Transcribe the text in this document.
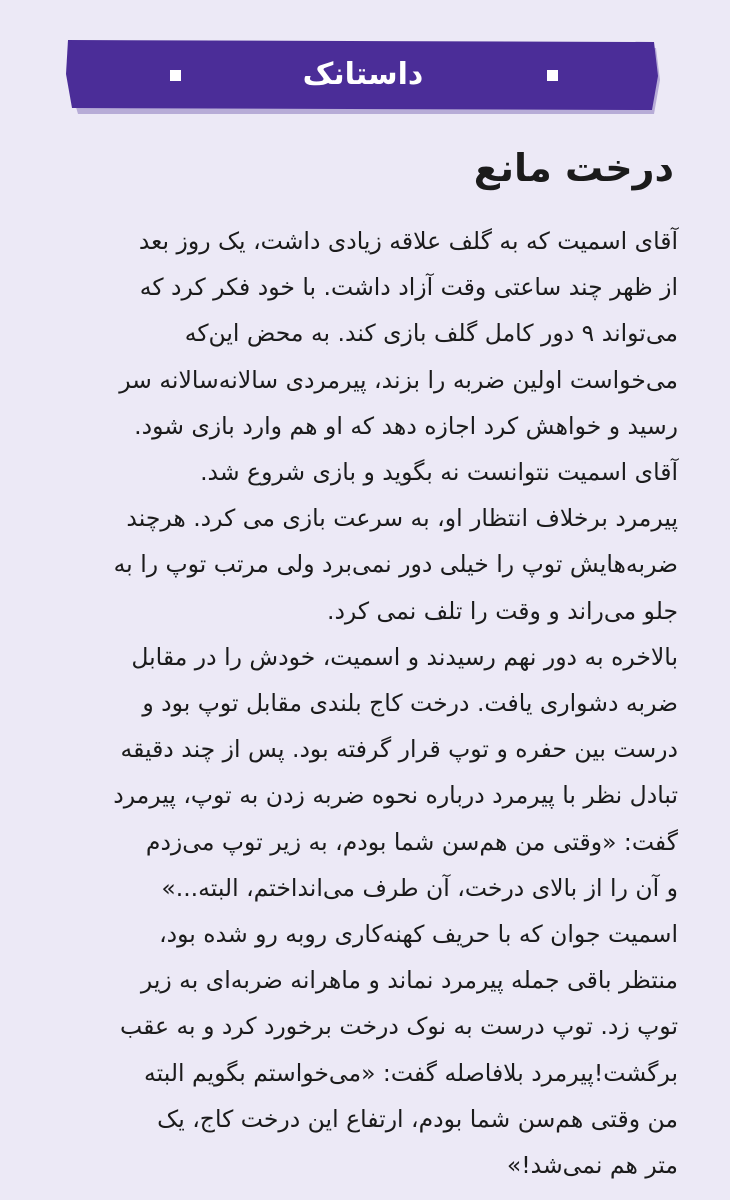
داستانک
درخت مانع
آقای اسمیت که به گلف علاقه زیادی داشت، یک روز بعد
از ظهر چند ساعتی وقت آزاد داشت. با خود فکر کرد که
می‌تواند ۹ دور کامل گلف بازی کند. به محض این‌که
می‌خواست اولین ضربه را بزند، پیرمردی سالانه‌سالانه سر
رسید و خواهش کرد اجازه دهد که او هم وارد بازی شود.
آقای اسمیت نتوانست نه بگوید و بازی شروع شد.
پیرمرد برخلاف انتظار او، به سرعت بازی می کرد. هرچند
ضربه‌هایش توپ را خیلی دور نمی‌برد ولی مرتب توپ را به
جلو می‌راند و وقت را تلف نمی کرد.
بالاخره به دور نهم رسیدند و اسمیت، خودش را در مقابل
ضربه دشواری یافت. درخت کاج بلندی مقابل توپ بود و
درست بین حفره و توپ قرار گرفته بود. پس از چند دقیقه
تبادل نظر با پیرمرد درباره نحوه ضربه زدن به توپ، پیرمرد
گفت: «وقتی من هم‌سن شما بودم، به زیر توپ می‌زدم
و آن را از بالای درخت، آن طرف می‌انداختم، البته...»
اسمیت جوان که با حریف کهنه‌کاری روبه رو شده بود،
منتظر باقی جمله پیرمرد نماند و ماهرانه ضربه‌ای به زیر
توپ زد. توپ درست به نوک درخت برخورد کرد و به عقب
برگشت!پیرمرد بلافاصله گفت: «می‌خواستم بگویم البته
من وقتی هم‌سن شما بودم، ارتفاع این درخت کاج، یک
متر هم نمی‌شد!»
